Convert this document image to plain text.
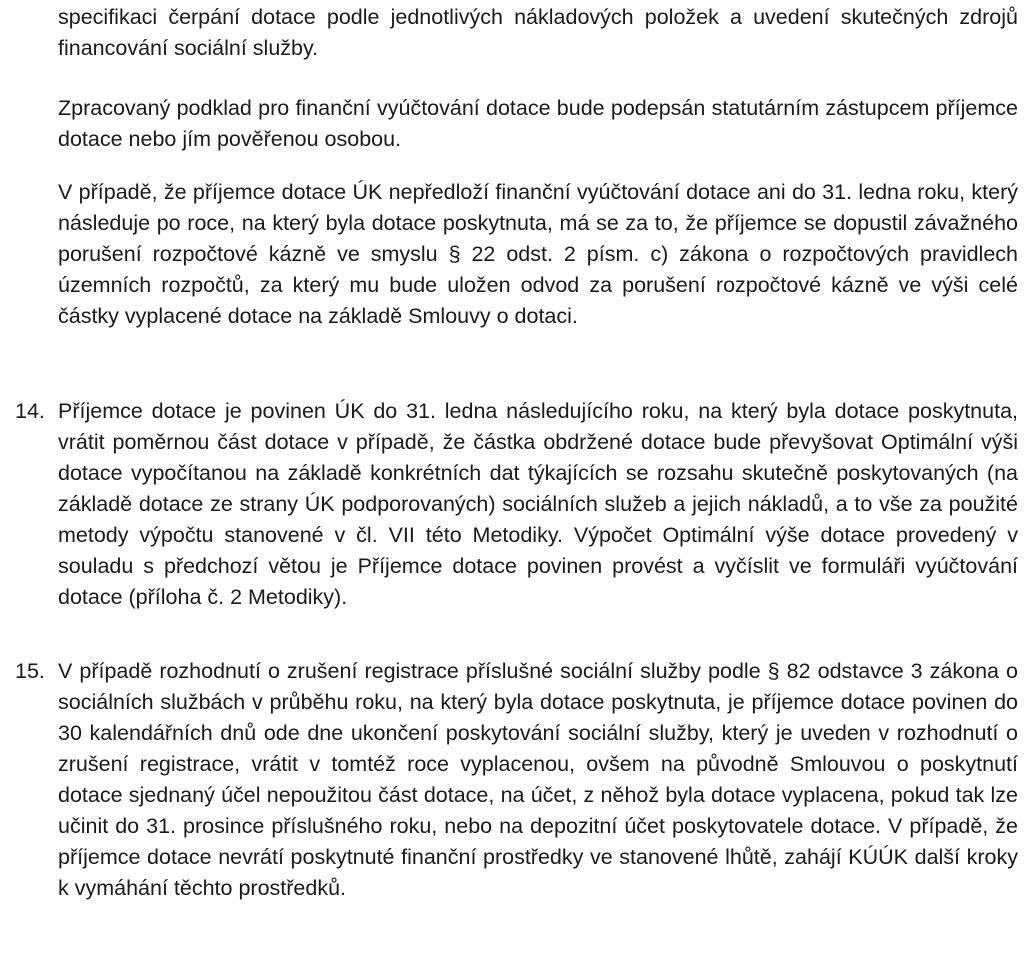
specifikaci čerpání dotace podle jednotlivých nákladových položek a uvedení skutečných zdrojů financování sociální služby.

Zpracovaný podklad pro finanční vyúčtování dotace bude podepsán statutárním zástupcem příjemce dotace nebo jím pověřenou osobou.

V případě, že příjemce dotace ÚK nepředloží finanční vyúčtování dotace ani do 31. ledna roku, který následuje po roce, na který byla dotace poskytnuta, má se za to, že příjemce se dopustil závažného porušení rozpočtové kázně ve smyslu § 22 odst. 2 písm. c) zákona o rozpočtových pravidlech územních rozpočtů, za který mu bude uložen odvod za porušení rozpočtové kázně ve výši celé částky vyplacené dotace na základě Smlouvy o dotaci.

14. Příjemce dotace je povinen ÚK do 31. ledna následujícího roku, na který byla dotace poskytnuta, vrátit poměrnou část dotace v případě, že částka obdržené dotace bude převyšovat Optimální výši dotace vypočítanou na základě konkrétních dat týkajících se rozsahu skutečně poskytovaných (na základě dotace ze strany ÚK podporovaných) sociálních služeb a jejich nákladů, a to vše za použité metody výpočtu stanovené v čl. VII této Metodiky. Výpočet Optimální výše dotace provedený v souladu s předchozí větou je Příjemce dotace povinen provést a vyčíslit ve formuláři vyúčtování dotace (příloha č. 2 Metodiky).

15. V případě rozhodnutí o zrušení registrace příslušné sociální služby podle § 82 odstavce 3 zákona o sociálních službách v průběhu roku, na který byla dotace poskytnuta, je příjemce dotace povinen do 30 kalendářních dnů ode dne ukončení poskytování sociální služby, který je uveden v rozhodnutí o zrušení registrace, vrátit v tomtéž roce vyplacenou, ovšem na původně Smlouvou o poskytnutí dotace sjednaný účel nepoužitou část dotace, na účet, z něhož byla dotace vyplacena, pokud tak lze učinit do 31. prosince příslušného roku, nebo na depozitní účet poskytovatele dotace. V případě, že příjemce dotace nevrátí poskytnuté finanční prostředky ve stanovené lhůtě, zahájí KÚÚK další kroky k vymáhání těchto prostředků.
